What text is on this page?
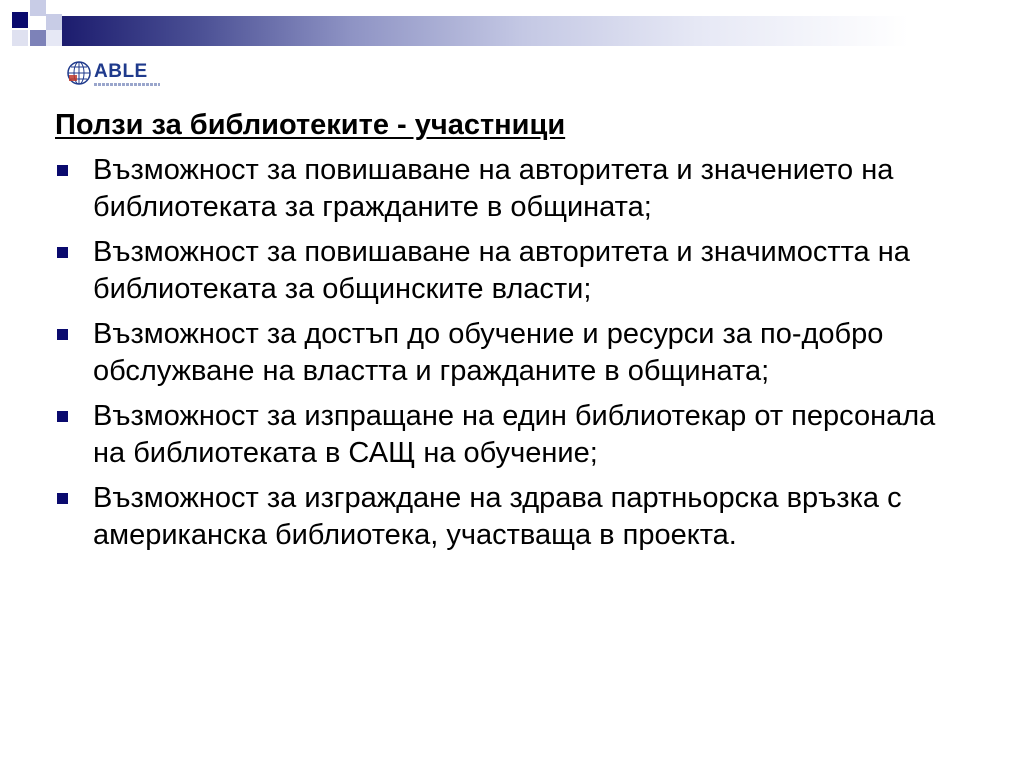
ABLE
Ползи за библиотеките - участници
Възможност за повишаване на авторитета и значението на библиотеката за гражданите в общината;
Възможност за повишаване на авторитета и значимостта на библиотеката за общинските власти;
Възможност за достъп до обучение и ресурси за по-добро обслужване на властта и гражданите в общината;
Възможност за изпращане на един библиотекар от персонала на библиотеката в САЩ на обучение;
Възможност за изграждане на здрава партньорска връзка с американска библиотека, участваща в проекта.
